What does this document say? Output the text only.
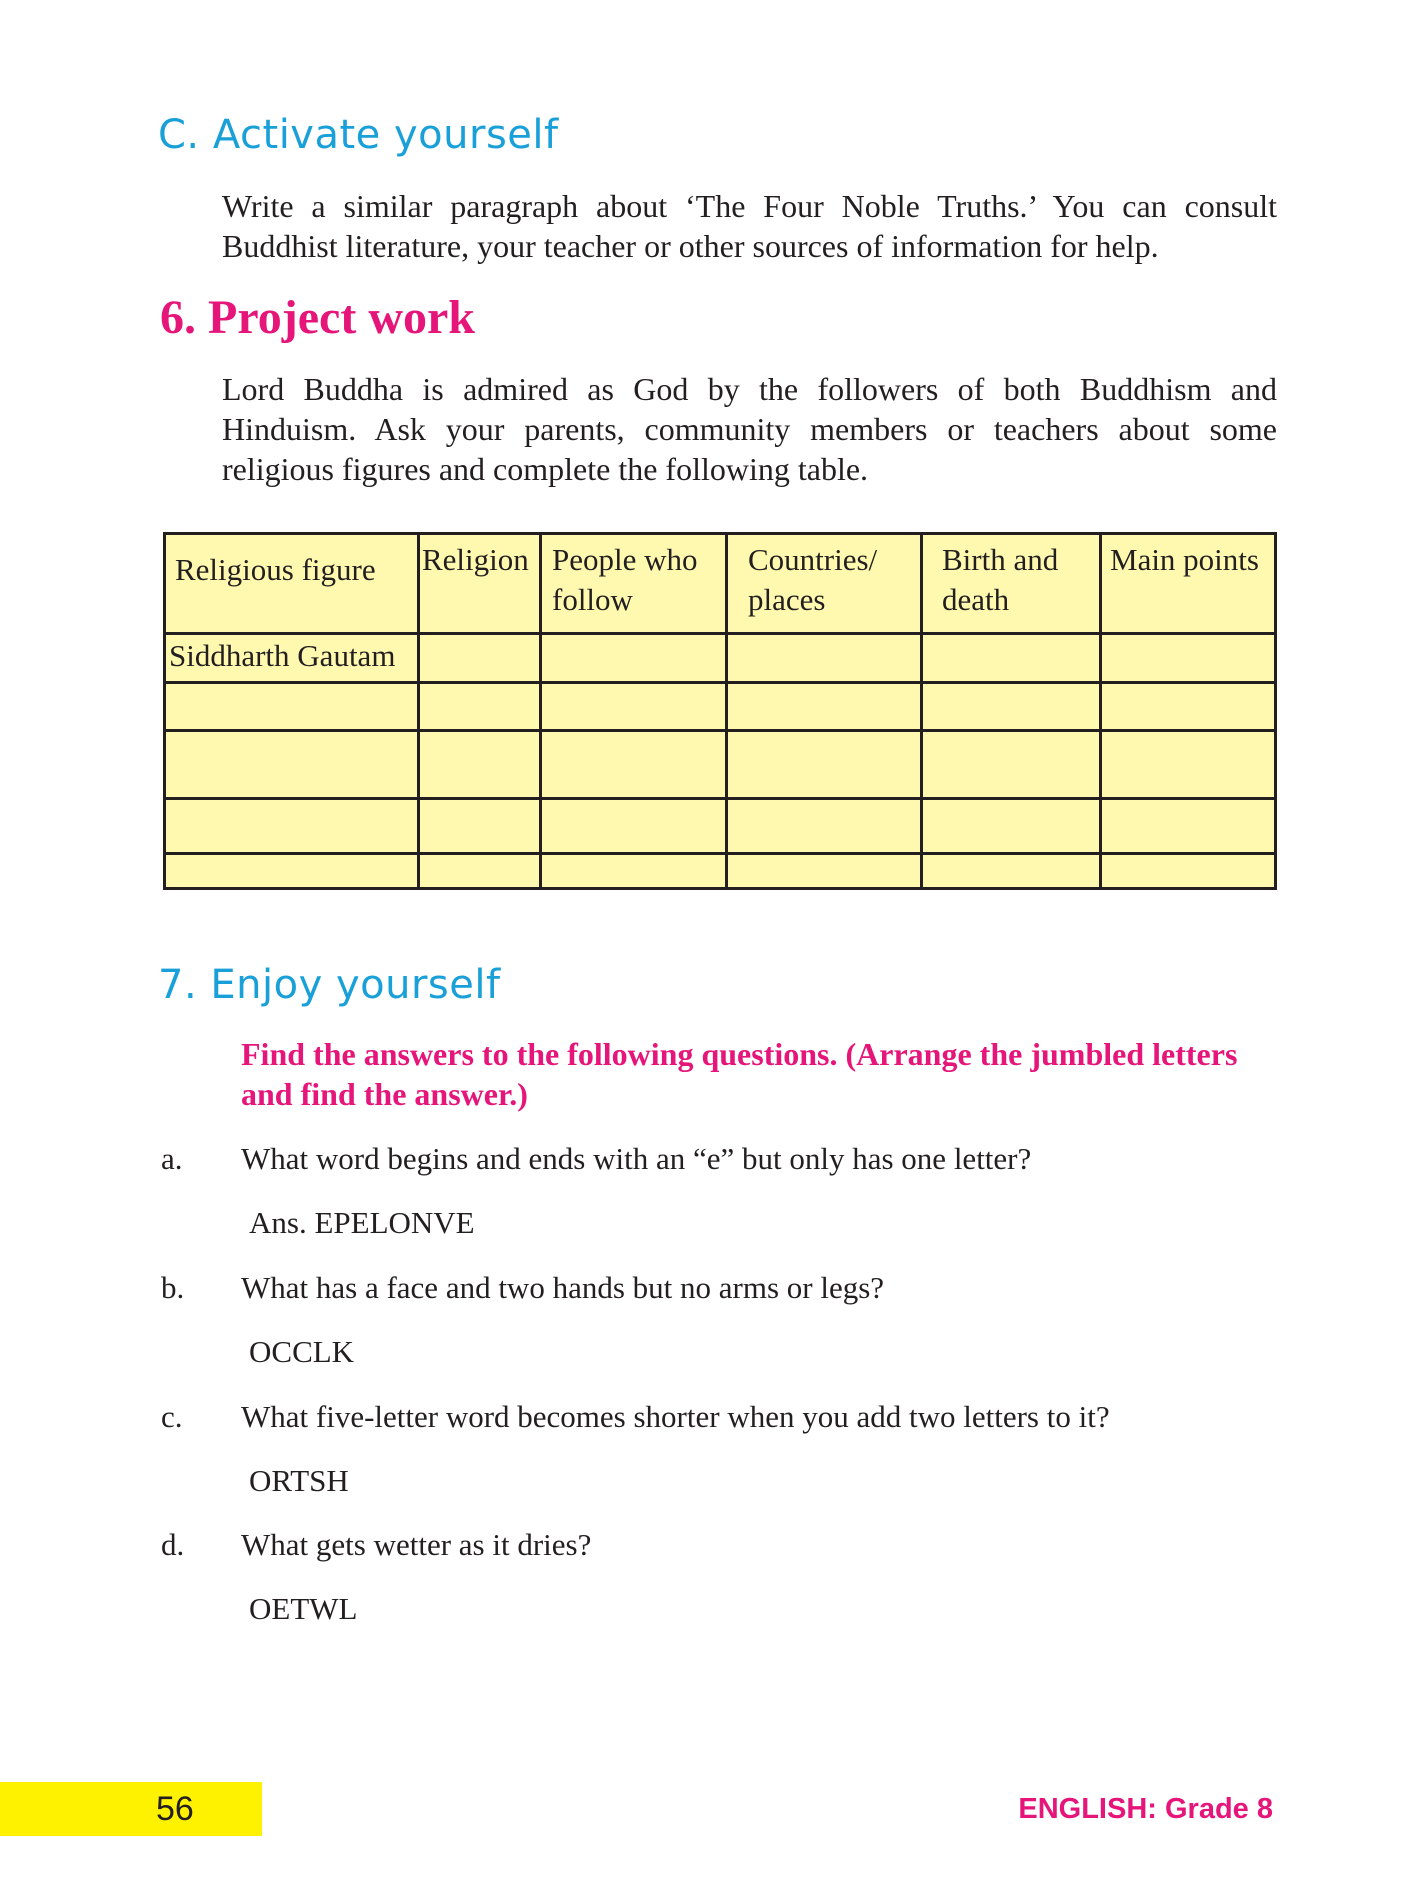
C. Activate yourself
Write a similar paragraph about ‘The Four Noble Truths.’ You can consult Buddhist literature, your teacher or other sources of information for help.
6. Project work
Lord Buddha is admired as God by the followers of both Buddhism and Hinduism. Ask your parents, community members or teachers about some religious figures and complete the following table.
Religious figure Religion People who
follow
Countries/
places
Birth and
death
Main points
Siddharth Gautam
7. Enjoy yourself
Find the answers to the following questions. (Arrange the jumbled letters and find the answer.)
a. What word begins and ends with an “e” but only has one letter?
Ans. EPELONVE
b. What has a face and two hands but no arms or legs?
OCCLK
c. What five-letter word becomes shorter when you add two letters to it?
ORTSH
d. What gets wetter as it dries?
OETWL
56	ENGLISH: Grade 8
